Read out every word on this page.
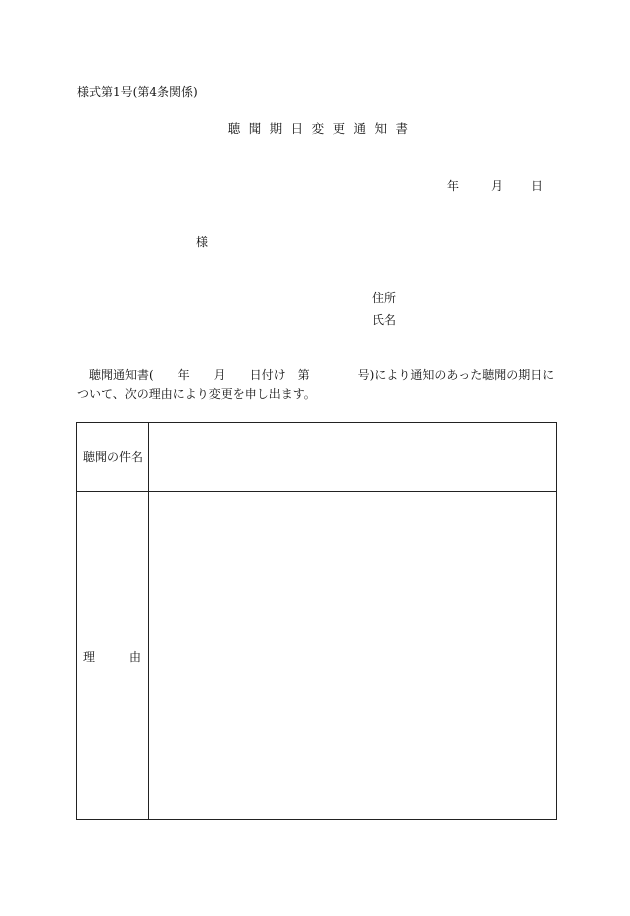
様式第1号(第4条関係)
聴 聞 期 日 変 更 通 知 書
年	月 日
様
住所
氏名
聴聞通知書(　　年　　月　　日付け　第　　　　号)により通知のあった聴聞の期日に
ついて、次の理由により変更を申し出ます。
聴聞の件名
理	由
